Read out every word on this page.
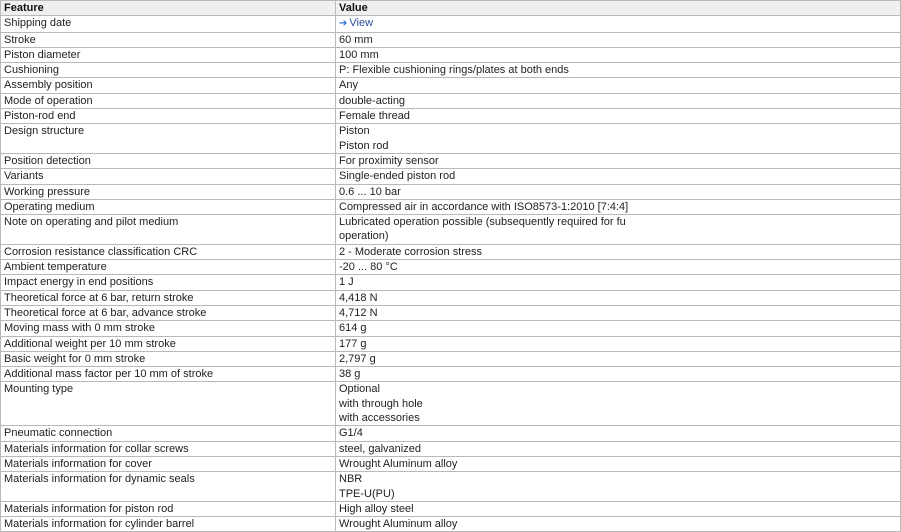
Feature	Value
Shipping date	➔ View

Stroke	60 mm

Piston diameter	100 mm

Cushioning	P: Flexible cushioning rings/plates at both ends

Assembly position	Any

Mode of operation	double-acting

Piston-rod end	Female thread

Design structure	Piston
Piston rod

Position detection	For proximity sensor

Variants	Single-ended piston rod

Working pressure	0.6 ... 10 bar

Operating medium	Compressed air in accordance with ISO8573-1:2010 [7:4:4]

Note on operating and pilot medium	Lubricated operation possible (subsequently required for fu
operation)

Corrosion resistance classification CRC	2 - Moderate corrosion stress

Ambient temperature	-20 ... 80 °C

Impact energy in end positions	1 J

Theoretical force at 6 bar, return stroke	4,418 N

Theoretical force at 6 bar, advance stroke	4,712 N

Moving mass with 0 mm stroke	614 g

Additional weight per 10 mm stroke	177 g

Basic weight for 0 mm stroke	2,797 g

Additional mass factor per 10 mm of stroke	38 g

Mounting type	Optional
with through hole
with accessories

Pneumatic connection	G1/4

Materials information for collar screws	steel, galvanized

Materials information for cover	Wrought Aluminum alloy

Materials information for dynamic seals	NBR
TPE-U(PU)

Materials information for piston rod	High alloy steel

Materials information for cylinder barrel	Wrought Aluminum alloy
